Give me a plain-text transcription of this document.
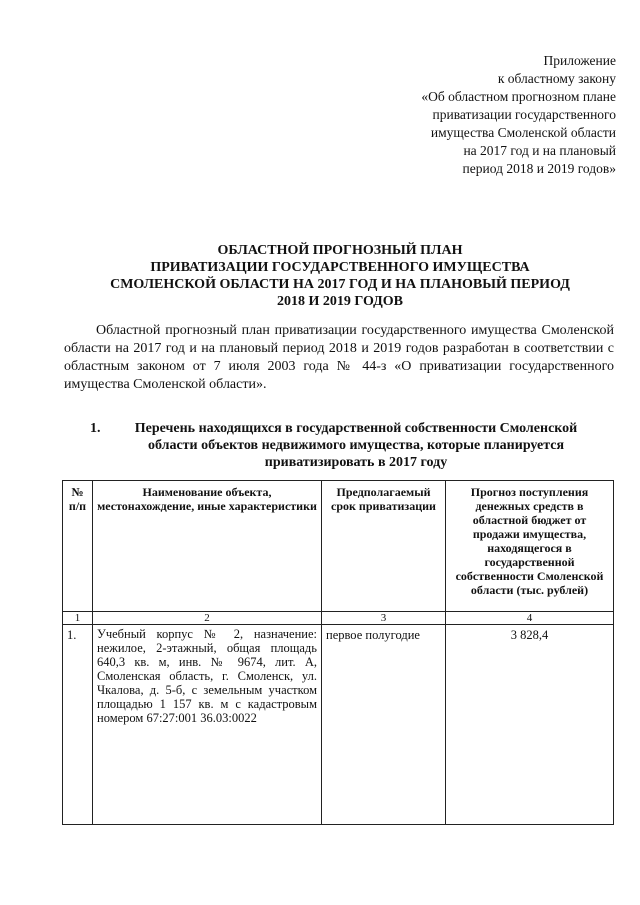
Приложение
к областному закону
«Об областном прогнозном плане
приватизации государственного
имущества Смоленской области
на 2017 год и на плановый
период 2018 и 2019 годов»
ОБЛАСТНОЙ ПРОГНОЗНЫЙ ПЛАН
ПРИВАТИЗАЦИИ ГОСУДАРСТВЕННОГО ИМУЩЕСТВА
СМОЛЕНСКОЙ ОБЛАСТИ НА 2017 ГОД И НА ПЛАНОВЫЙ ПЕРИОД
2018 И 2019 ГОДОВ
Областной прогнозный план приватизации государственного имущества Смоленской области на 2017 год и на плановый период 2018 и 2019 годов разработан в соответствии с областным законом от 7 июля 2003 года № 44-з «О приватизации государственного имущества Смоленской области».
1.	Перечень находящихся в государственной собственности Смоленской области объектов недвижимого имущества, которые планируется приватизировать в 2017 году
№ п/п	Наименование объекта, местонахождение, иные характеристики	Предполагаемый срок приватизации	Прогноз поступления денежных средств в областной бюджет от продажи имущества, находящегося в государственной собственности Смоленской области (тыс. рублей)
1	2	3	4
1.	Учебный корпус № 2, назначение: нежилое, 2-этажный, общая площадь 640,3 кв. м, инв. № 9674, лит. А, Смоленская область, г. Смоленск, ул. Чкалова, д. 5-б, с земельным участком площадью 1 157 кв. м с кадастровым номером 67:27:001 36.03:0022	первое полугодие	3 828,4
